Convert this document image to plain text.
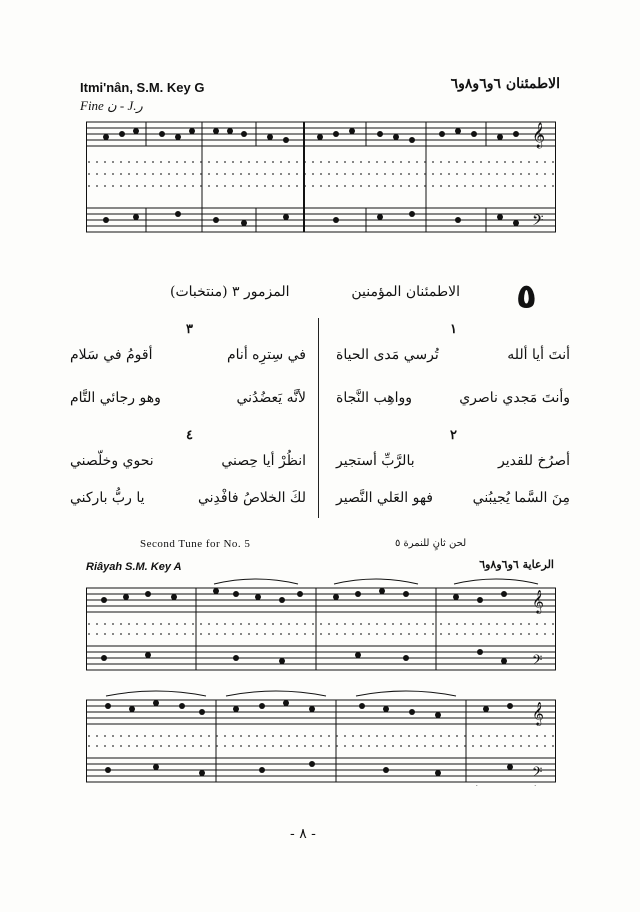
Itmi'nân, S.M. Key G	الاطمئنان ٦و٦و٨و٦
Fine ن - J.ر
𝄞
𝄢
٥
الاطمئنان المؤمنين
المزمور ٣ (منتخبات)
١
أنتَ أيا ألله
تُرسي مَدى الحياة
وأنتَ مَجدي ناصري
وواهِب النَّجاة
٢
أصرُخ للقدير
بالرَّبِّ أستجير
مِنَ السَّما يُجيبُني
فهو العَلي النَّصير
٣
في سِترِه أنام
أقومُ في سَلام
لأنَّه يَعضُدُني
وهو رجائي التَّام
٤
انظُرْ أيا حِصني
نحوي وخلّصني
لكَ الخلاصُ فافْدِني
يا ربُّ باركني
Second Tune for No. 5	لحن ثانٍ للنمرة ٥
Riâyah S.M. Key A	الرعاية ٦و٦و٨و٦
𝄞
𝄢
𝄞
𝄢
- ٨ -
